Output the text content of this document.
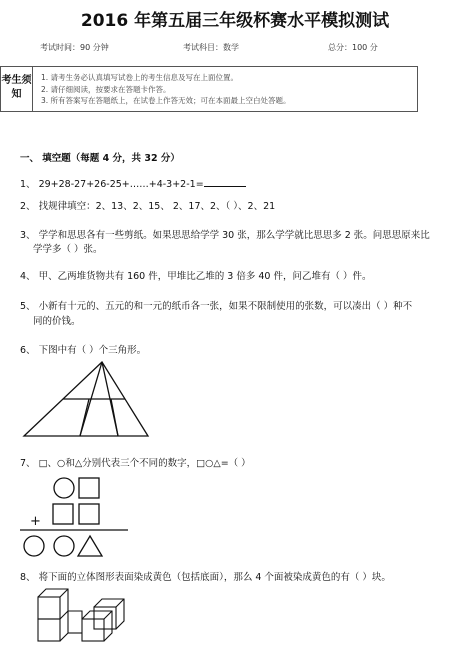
2016 年第五届三年级杯赛水平模拟测试
考试时间：90 分钟	考试科目：数学	总分：100 分
考生须知
1. 请考生务必认真填写试卷上的考生信息及写在上面位置。
2. 请仔细阅读，按要求在答题卡作答。
3. 所有答案写在答题纸上，在试卷上作答无效；可在本面最上空白处答题。
一、 填空题（每题 4 分，共 32 分）
1、 29+28-27+26-25+……+4-3+2-1=
2、 找规律填空：2、13、2、15、 2、17、2、（ ）、2、21
3、 学学和思思各有一些剪纸。如果思思给学学 30 张，那么学学就比思思多 2 张。问思思原来比
学学多（ ）张。
4、 甲、乙两堆货物共有 160 件，甲堆比乙堆的 3 倍多 40 件，问乙堆有（ ）件。
5、 小新有十元的、五元的和一元的纸币各一张，如果不限制使用的张数，可以凑出（ ）种不
同的价钱。
6、 下图中有（ ）个三角形。
7、 □、○和△分别代表三个不同的数字，□○△=（ ）
+
8、 将下面的立体图形表面染成黄色（包括底面），那么 4 个面被染成黄色的有（ ）块。
